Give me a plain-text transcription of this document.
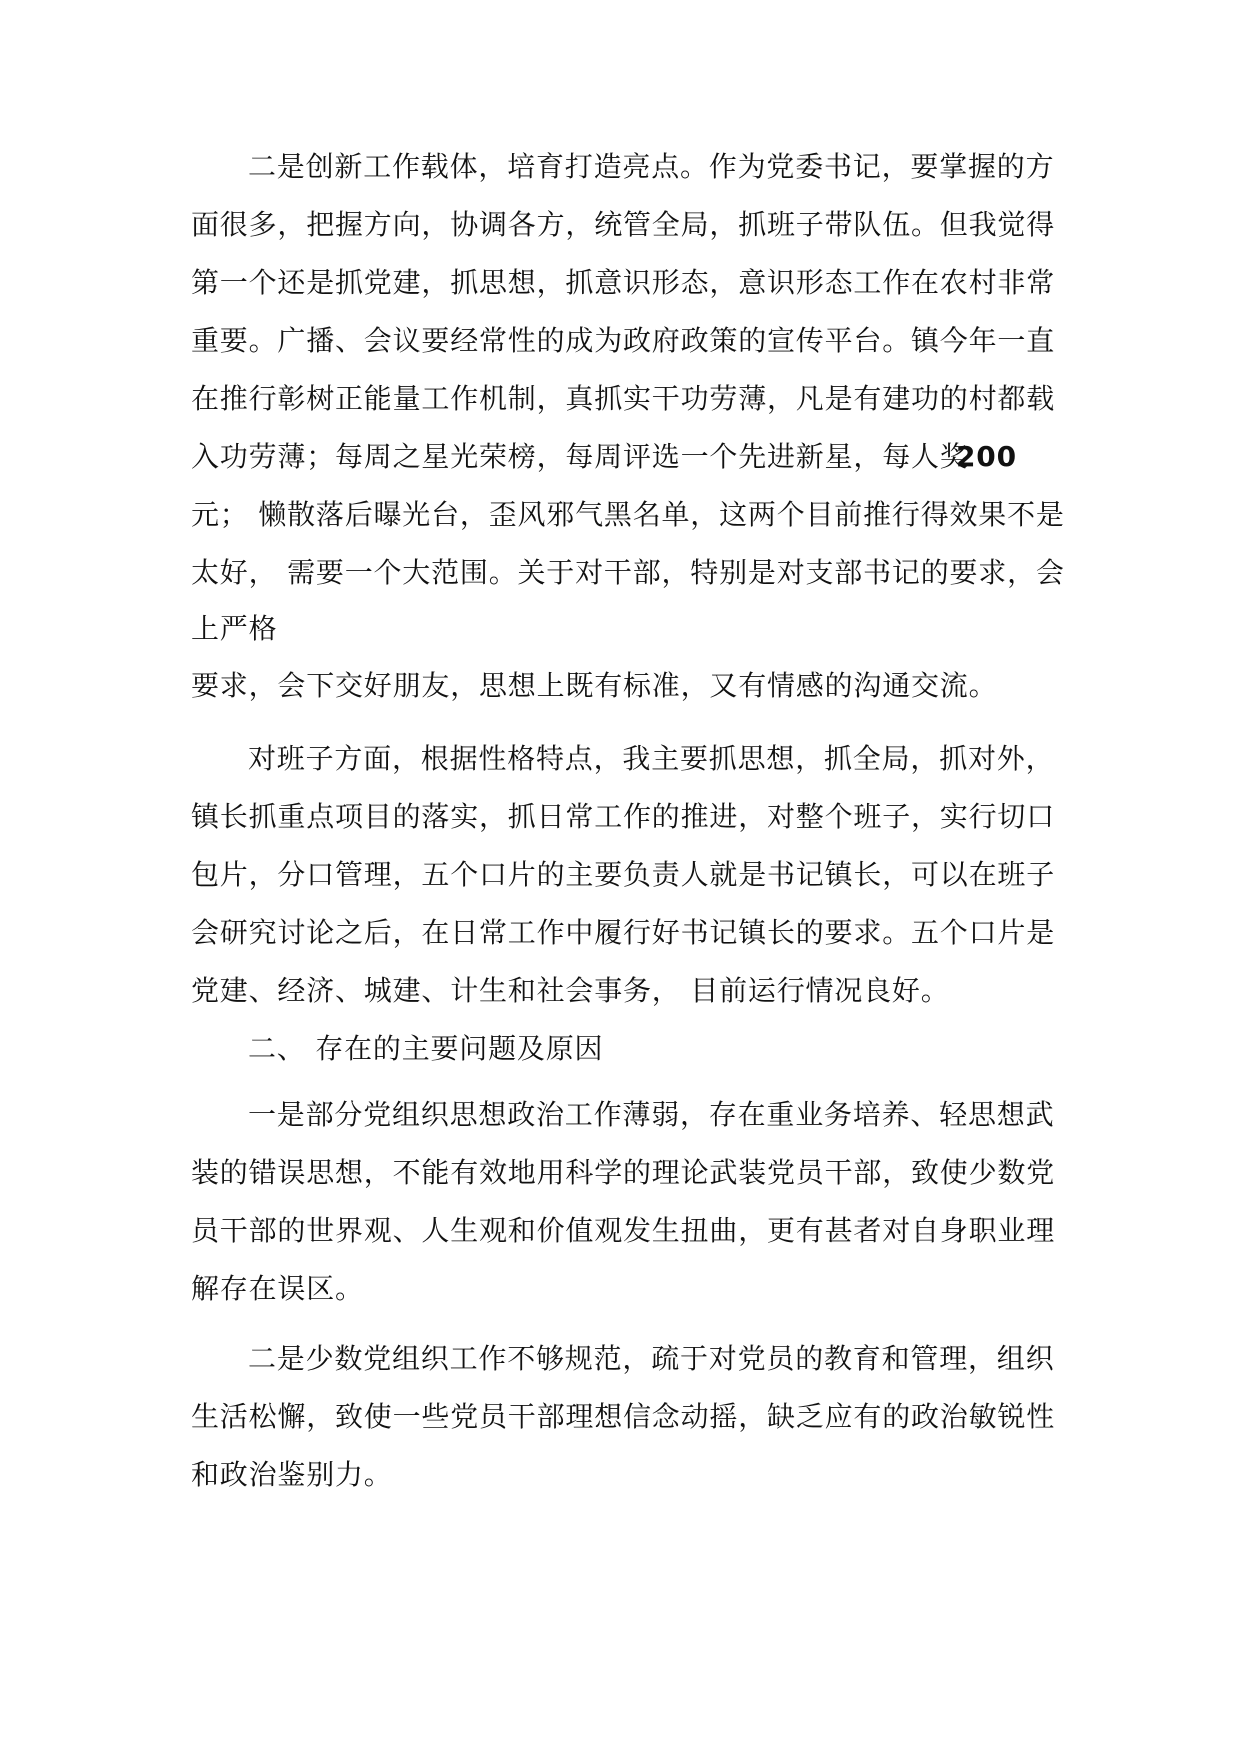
二是创新工作载体，培育打造亮点。作为党委书记，要掌握的方
面很多，把握方向，协调各方，统管全局，抓班子带队伍。但我觉得
第一个还是抓党建，抓思想，抓意识形态，意识形态工作在农村非常
重要。广播、会议要经常性的成为政府政策的宣传平台。镇今年一直
在推行彰树正能量工作机制，真抓实干功劳薄，凡是有建功的村都载
入功劳薄；每周之星光荣榜，每周评选一个先进新星，每人奖
200
元； 懒散落后曝光台，歪风邪气黑名单，这两个目前推行得效果不是
太好， 需要一个大范围。关于对干部，特别是对支部书记的要求，会
上严格
要求，会下交好朋友，思想上既有标准，又有情感的沟通交流。
对班子方面，根据性格特点，我主要抓思想，抓全局，抓对外，
镇长抓重点项目的落实，抓日常工作的推进，对整个班子，实行切口
包片，分口管理，五个口片的主要负责人就是书记镇长，可以在班子
会研究讨论之后，在日常工作中履行好书记镇长的要求。五个口片是
党建、经济、城建、计生和社会事务， 目前运行情况良好。
二、 存在的主要问题及原因
一是部分党组织思想政治工作薄弱，存在重业务培养、轻思想武
装的错误思想，不能有效地用科学的理论武装党员干部，致使少数党
员干部的世界观、人生观和价值观发生扭曲，更有甚者对自身职业理
解存在误区。
二是少数党组织工作不够规范，疏于对党员的教育和管理，组织
生活松懈，致使一些党员干部理想信念动摇，缺乏应有的政治敏锐性
和政治鉴别力。
